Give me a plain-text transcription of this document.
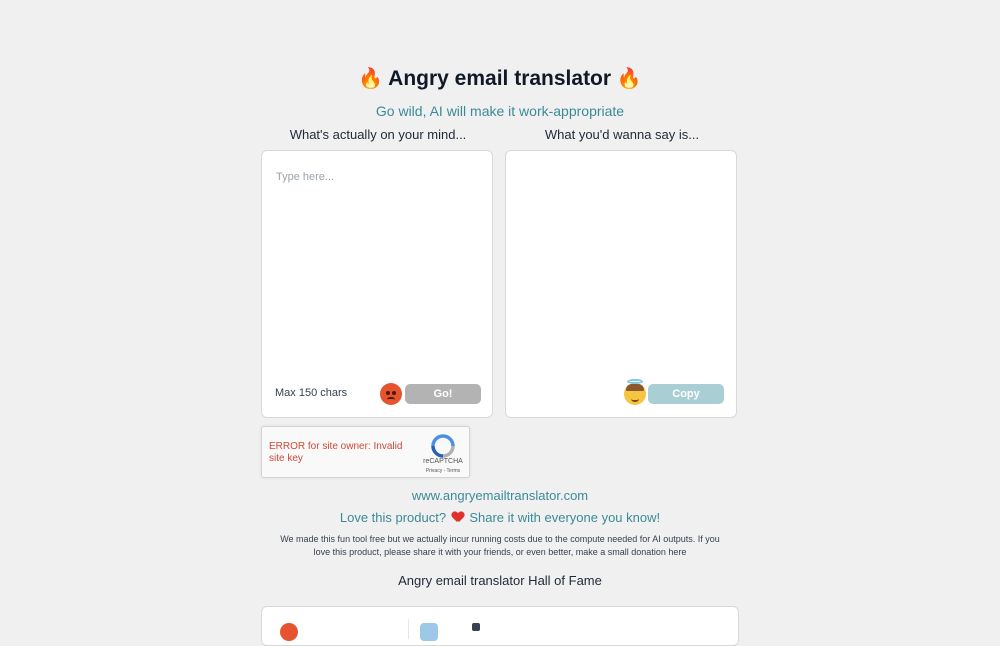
🔥 Angry email translator 🔥
Go wild, AI will make it work-appropriate
What's actually on your mind...	What you'd wanna say is...
Type here...
Max 150 chars	Go!	Copy
ERROR for site owner: Invalid site key	reCAPTCHA
Privacy - Terms
www.angryemailtranslator.com
Love this product? Share it with everyone you know!
We made this fun tool free but we actually incur running costs due to the compute needed for AI outputs. If you love this product, please share it with your friends, or even better, make a small donation here
Angry email translator Hall of Fame
